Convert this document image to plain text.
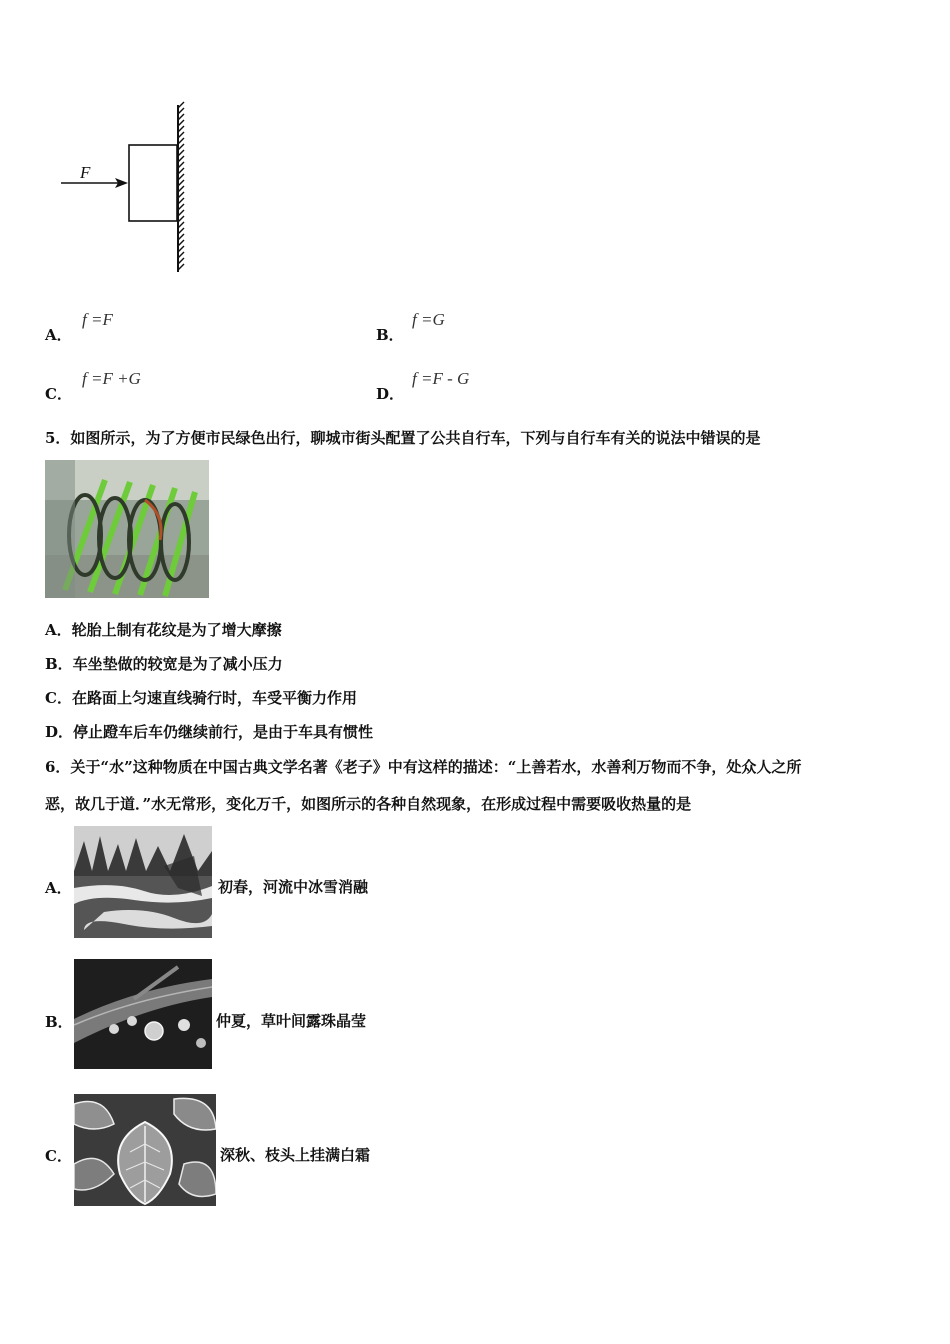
F
A．
f =F
B．
f =G
C．
f =F +G
D．
f =F - G
5．如图所示，为了方便市民绿色出行，聊城市街头配置了公共自行车，下列与自行车有关的说法中错误的是
A．轮胎上制有花纹是为了增大摩擦
B．车坐垫做的较宽是为了减小压力
C．在路面上匀速直线骑行时，车受平衡力作用
D．停止蹬车后车仍继续前行，是由于车具有惯性
6．关于“水”这种物质在中国古典文学名著《老子》中有这样的描述：“上善若水，水善利万物而不争，处众人之所
恶，故几于道．”水无常形，变化万千，如图所示的各种自然现象，在形成过程中需要吸收热量的是
A．	初春，河流中冰雪消融
B．	仲夏，草叶间露珠晶莹
C．	深秋、枝头上挂满白霜
